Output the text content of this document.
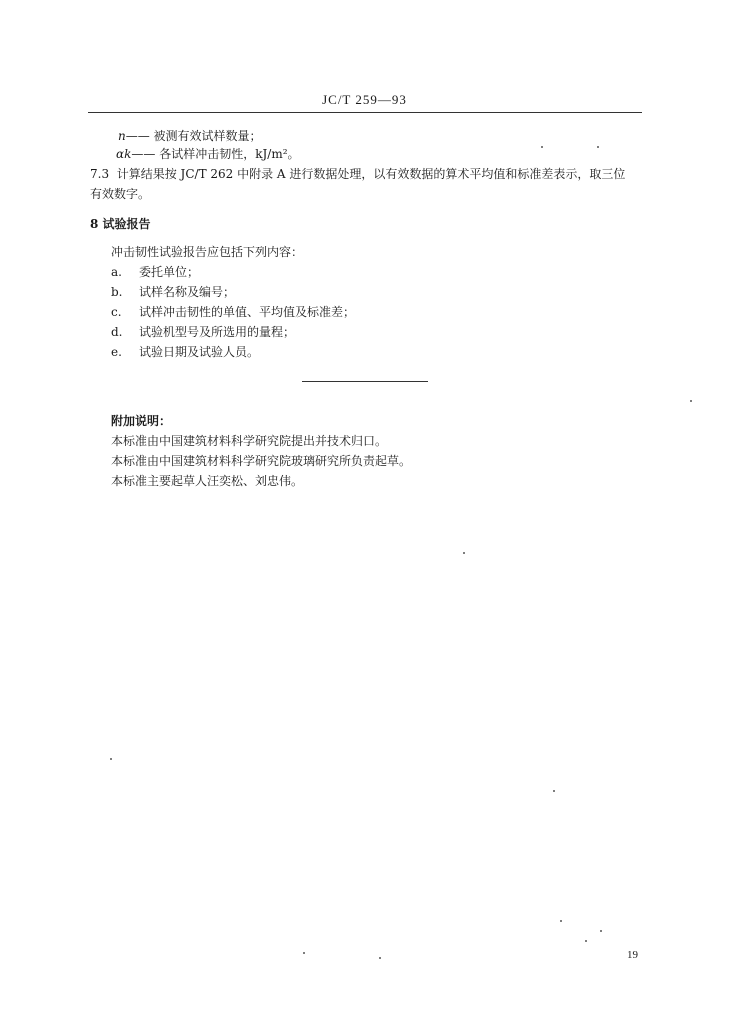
JC/T 259—93
n—— 被测有效试样数量；
αk—— 各试样冲击韧性，kJ/m²。
7.3 计算结果按 JC/T 262 中附录 A 进行数据处理，以有效数据的算术平均值和标准差表示，取三位
有效数字。
8 试验报告
冲击韧性试验报告应包括下列内容：
a. 委托单位；
b. 试样名称及编号；
c. 试样冲击韧性的单值、平均值及标准差；
d. 试验机型号及所选用的量程；
e. 试验日期及试验人员。
附加说明：
本标准由中国建筑材料科学研究院提出并技术归口。
本标准由中国建筑材料科学研究院玻璃研究所负责起草。
本标准主要起草人汪奕松、刘忠伟。
19
